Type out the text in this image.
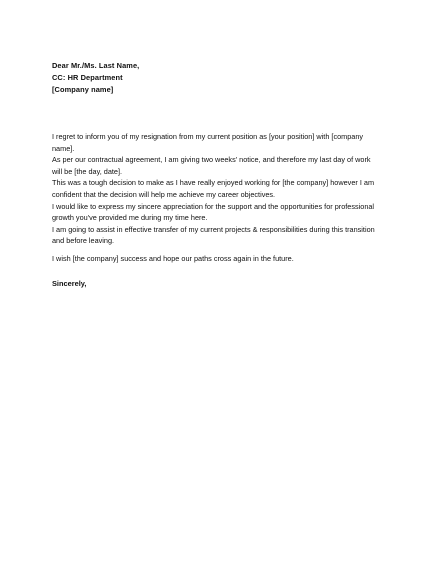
Dear Mr./Ms. Last Name,
CC: HR Department
[Company name]

I regret to inform you of my resignation from my current position as [your position] with [company

name].

As per our contractual agreement, I am giving two weeks' notice, and therefore my last day of work

will be [the day, date].

This was a tough decision to make as I have really enjoyed working for [the company] however I am

confident that the decision will help me achieve my career objectives.

I would like to express my sincere appreciation for the support and the opportunities for professional

growth you've provided me during my time here.

I am going to assist in effective transfer of my current projects & responsibilities during this transition

and before leaving.

I wish [the company] success and hope our paths cross again in the future.

Sincerely,
